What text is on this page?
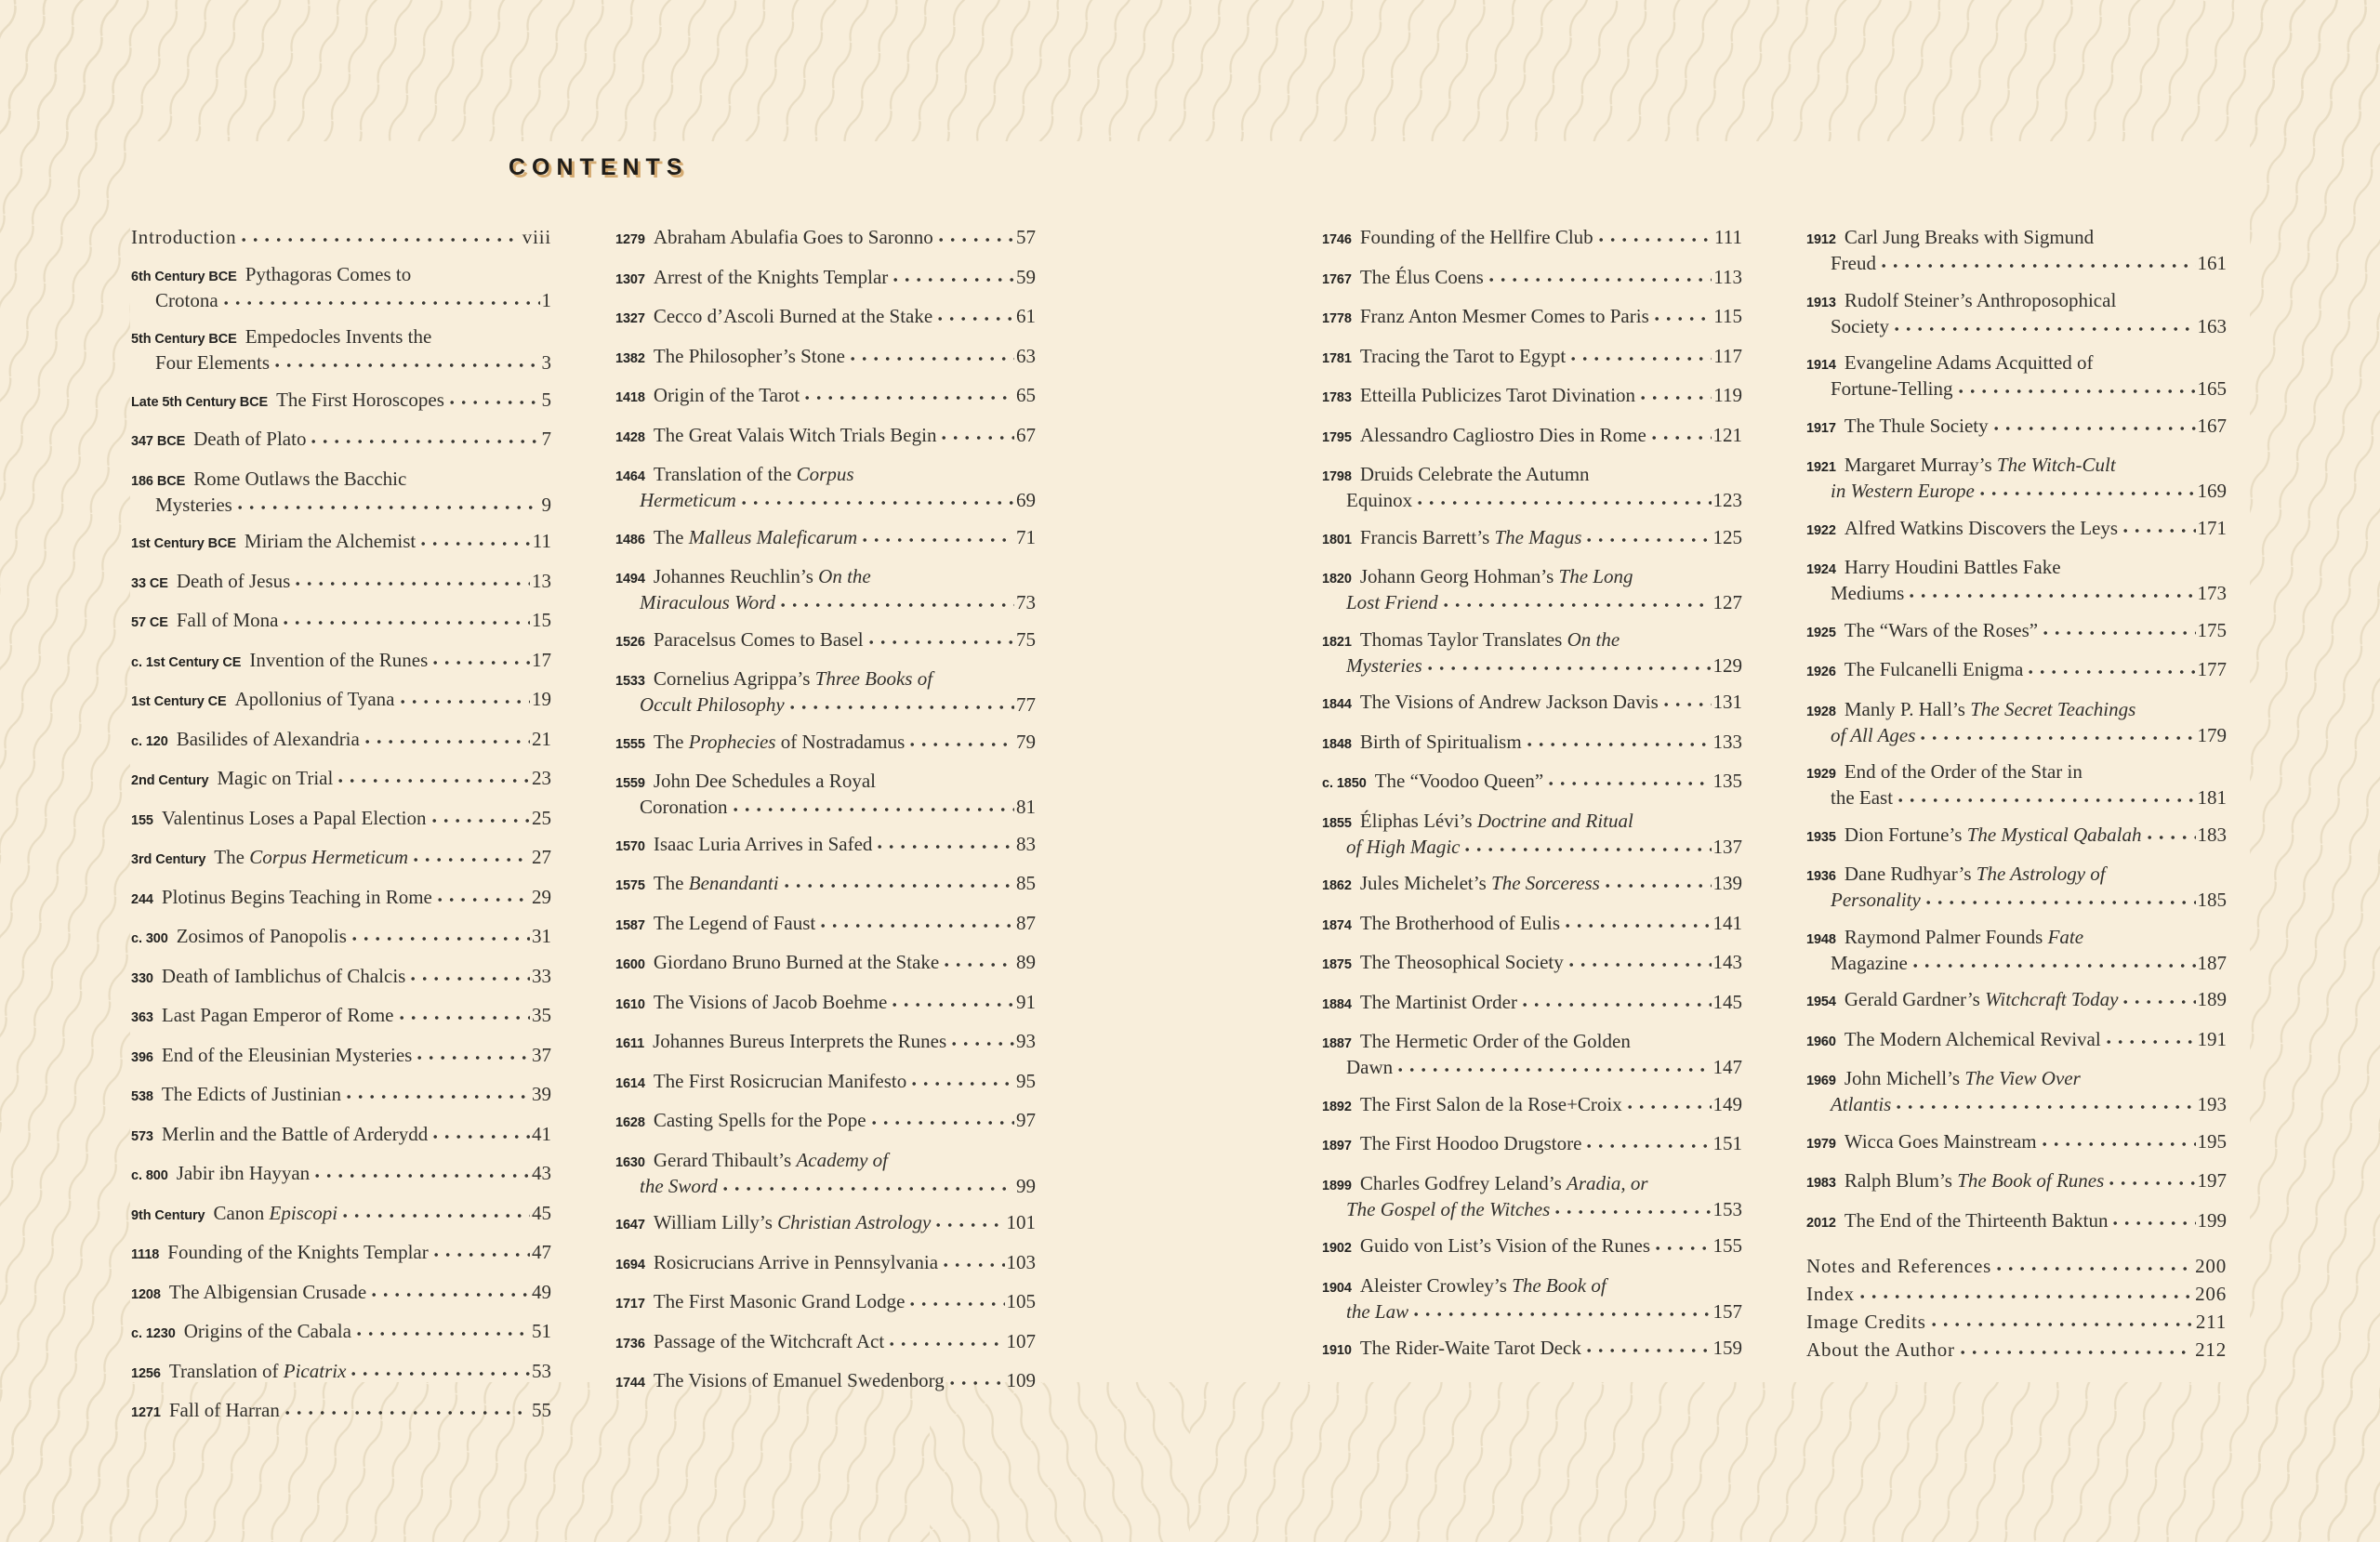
CONTENTS
Introduction	viii
6th Century BCE Pythagoras Comes to
Crotona	1
5th Century BCE Empedocles Invents the
Four Elements	3
Late 5th Century BCE The First Horoscopes	5
347 BCE Death of Plato	7
186 BCE Rome Outlaws the Bacchic
Mysteries	9
1st Century BCE Miriam the Alchemist	11
33 CE Death of Jesus	13
57 CE Fall of Mona	15
c. 1st Century CE Invention of the Runes	17
1st Century CE Apollonius of Tyana	19
c. 120 Basilides of Alexandria	21
2nd Century Magic on Trial	23
155 Valentinus Loses a Papal Election	25
3rd Century The Corpus Hermeticum	27
244 Plotinus Begins Teaching in Rome	29
c. 300 Zosimos of Panopolis	31
330 Death of Iamblichus of Chalcis	33
363 Last Pagan Emperor of Rome	35
396 End of the Eleusinian Mysteries	37
538 The Edicts of Justinian	39
573 Merlin and the Battle of Arderydd	41
c. 800 Jabir ibn Hayyan	43
9th Century Canon Episcopi	45
1118 Founding of the Knights Templar	47
1208 The Albigensian Crusade	49
c. 1230 Origins of the Cabala	51
1256 Translation of Picatrix	53
1271 Fall of Harran	55
1279 Abraham Abulafia Goes to Saronno	57
1307 Arrest of the Knights Templar	59
1327 Cecco d’Ascoli Burned at the Stake	61
1382 The Philosopher’s Stone	63
1418 Origin of the Tarot	65
1428 The Great Valais Witch Trials Begin	67
1464 Translation of the Corpus
Hermeticum	69
1486 The Malleus Maleficarum	71
1494 Johannes Reuchlin’s On the
Miraculous Word	73
1526 Paracelsus Comes to Basel	75
1533 Cornelius Agrippa’s Three Books of
Occult Philosophy	77
1555 The Prophecies of Nostradamus	79
1559 John Dee Schedules a Royal
Coronation	81
1570 Isaac Luria Arrives in Safed	83
1575 The Benandanti	85
1587 The Legend of Faust	87
1600 Giordano Bruno Burned at the Stake	89
1610 The Visions of Jacob Boehme	91
1611 Johannes Bureus Interprets the Runes	93
1614 The First Rosicrucian Manifesto	95
1628 Casting Spells for the Pope	97
1630 Gerard Thibault’s Academy of
the Sword	99
1647 William Lilly’s Christian Astrology	101
1694 Rosicrucians Arrive in Pennsylvania	103
1717 The First Masonic Grand Lodge	105
1736 Passage of the Witchcraft Act	107
1744 The Visions of Emanuel Swedenborg	109
1746 Founding of the Hellfire Club	111
1767 The Élus Coens	113
1778 Franz Anton Mesmer Comes to Paris	115
1781 Tracing the Tarot to Egypt	117
1783 Etteilla Publicizes Tarot Divination	119
1795 Alessandro Cagliostro Dies in Rome	121
1798 Druids Celebrate the Autumn
Equinox	123
1801 Francis Barrett’s The Magus	125
1820 Johann Georg Hohman’s The Long
Lost Friend	127
1821 Thomas Taylor Translates On the
Mysteries	129
1844 The Visions of Andrew Jackson Davis	131
1848 Birth of Spiritualism	133
c. 1850 The “Voodoo Queen”	135
1855 Éliphas Lévi’s Doctrine and Ritual
of High Magic	137
1862 Jules Michelet’s The Sorceress	139
1874 The Brotherhood of Eulis	141
1875 The Theosophical Society	143
1884 The Martinist Order	145
1887 The Hermetic Order of the Golden
Dawn	147
1892 The First Salon de la Rose+Croix	149
1897 The First Hoodoo Drugstore	151
1899 Charles Godfrey Leland’s Aradia, or
The Gospel of the Witches	153
1902 Guido von List’s Vision of the Runes	155
1904 Aleister Crowley’s The Book of
the Law	157
1910 The Rider-Waite Tarot Deck	159
1912 Carl Jung Breaks with Sigmund
Freud	161
1913 Rudolf Steiner’s Anthroposophical
Society	163
1914 Evangeline Adams Acquitted of
Fortune-Telling	165
1917 The Thule Society	167
1921 Margaret Murray’s The Witch-Cult
in Western Europe	169
1922 Alfred Watkins Discovers the Leys	171
1924 Harry Houdini Battles Fake
Mediums	173
1925 The “Wars of the Roses”	175
1926 The Fulcanelli Enigma	177
1928 Manly P. Hall’s The Secret Teachings
of All Ages	179
1929 End of the Order of the Star in
the East	181
1935 Dion Fortune’s The Mystical Qabalah	183
1936 Dane Rudhyar’s The Astrology of
Personality	185
1948 Raymond Palmer Founds Fate
Magazine	187
1954 Gerald Gardner’s Witchcraft Today	189
1960 The Modern Alchemical Revival	191
1969 John Michell’s The View Over
Atlantis	193
1979 Wicca Goes Mainstream	195
1983 Ralph Blum’s The Book of Runes	197
2012 The End of the Thirteenth Baktun	199
Notes and References	200
Index	206
Image Credits	211
About the Author	212
